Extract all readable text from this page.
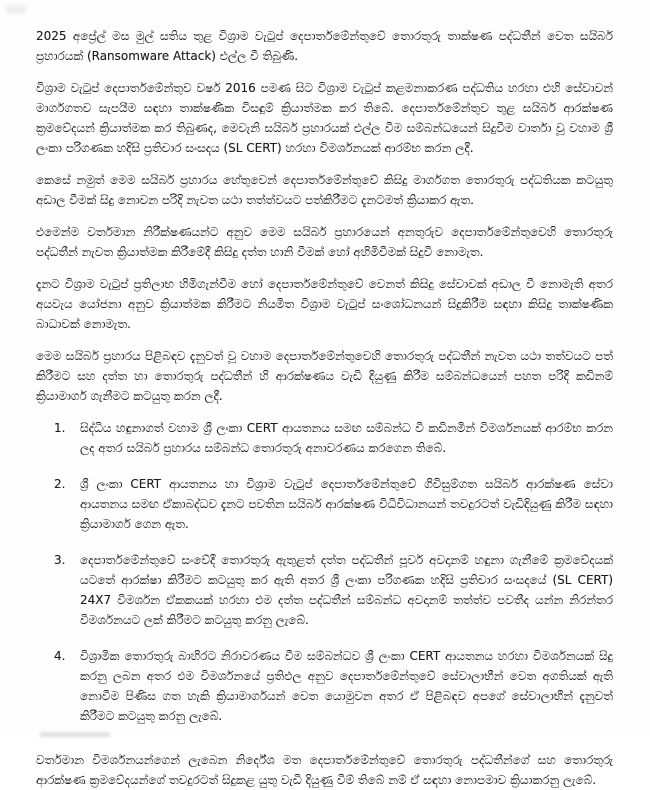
2025 අප්‍රේල් මස මුල් සතිය තුළ විශ්‍රාම වැටුප් දෙපාර්තමේන්තුවේ තොරතුරු තාක්ෂණ පද්ධතීන් වෙත සයිබර් ප්‍රහාරයක් (Ransomware Attack) එල්ල වී තිබුණි.

විශ්‍රාම වැටුප් දෙපාර්තමේන්තුව වර්ෂ 2016 පමණ සිට විශ්‍රාම වැටුප් කළමනාකරණ පද්ධතිය හරහා එහි සේවාවන් මාර්ගගතව සැපයීම සඳහා තාක්ෂණික විසඳුම් ක්‍රියාත්මක කර තිබේ. දෙපාර්තමේන්තුව තුළ සයිබර් ආරක්ෂණ ක්‍රමවේදයන් ක්‍රියාත්මක කර තිබුණද, මෙවැනි සයිබර් ප්‍රහාරයක් එල්ල වීම සම්බන්ධයෙන් සිදුවීම වාර්තා වූ වහාම ශ්‍රී ලංකා පරිගණක හදිසි ප්‍රතිචාර සංසදය (SL CERT) හරහා විමර්ශනයක් ආරම්භ කරන ලදී.

කෙසේ නමුත් මෙම සයිබර් ප්‍රහාරය හේතුවෙන් දෙපාර්තමේන්තුවේ කිසිදු මාර්ගගත තොරතුරු පද්ධතියක කටයුතු අඩාල වීමක් සිදු නොවන පරිදි නැවත යථා තත්ත්වයට පත්කිරීමට දැනටමත් ක්‍රියාකර ඇත.

එමෙන්ම වර්තමාන නිරීක්ෂණයන්ට අනුව මෙම සයිබර් ප්‍රහාරයෙන් අනතුරුව දෙපාර්තමේන්තුවෙහි තොරතුරු පද්ධතීන් නැවත ක්‍රියාත්මක කිරීමේදී කිසිදු දත්ත හානි වීමක් හෝ අහිමිවීමක් සිදුවී නොමැත.

දැනට විශ්‍රාම වැටුප් ප්‍රතිලාභ හිමිගැන්වීම හෝ දෙපාර්තමේන්තුවේ වෙනත් කිසිදු සේවාවක් අඩාල වී නොමැති අතර අයවැය යෝජනා අනුව ක්‍රියාත්මක කිරීමට නියමිත විශ්‍රාම වැටුප් සංශෝධනයන් සිදුකිරීම සඳහා කිසිදු තාක්ෂණික බාධාවක් නොමැත.

මෙම සයිබර් ප්‍රහාරය පිළිබඳව දැනුවත් වූ වහාම දෙපාර්තමේන්තුවෙහි තොරතුරු පද්ධතීන් නැවත යථා තත්වයට පත් කිරීමට සහ දත්ත හා තොරතුරු පද්ධතීන් හි ආරක්ෂණය වැඩි දියුණු කිරීම සම්බන්ධයෙන් පහත පරිදි කඩිනම් ක්‍රියාමාර්ග ගැනීමට කටයුතු කරන ලදී.

1.	සිද්ධිය හඳුනාගත් වහාම ශ්‍රී ලංකා CERT ආයතනය සමඟ සම්බන්ධ වී කඩිනමින් විමර්ශනයක් ආරම්භ කරන ලද අතර සයිබර් ප්‍රහාරය සම්බන්ධ තොරතුරු අනාවරණය කරගෙන තිබේ.
2.	ශ්‍රී ලංකා CERT ආයතනය හා විශ්‍රාම වැටුප් දෙපාර්තමේන්තුවේ ගිවිසුම්ගත සයිබර් ආරක්ෂණ සේවා ආයතනය සමඟ ඒකාබද්ධව දැනට පවතින සයිබර් ආරක්ෂණ විධිවිධානයන් තවදුරටත් වැඩිදියුණු කිරීම සඳහා ක්‍රියාමාර්ග ගෙන ඇත.
3.	දෙපාර්තමේන්තුවේ සංවේදී තොරතුරු ඇතුළත් දත්ත පද්ධතීන් පූර්ව අවදානම් හඳුනා ගැනීමේ ක්‍රමවේදයක් යටතේ ආරක්ෂා කිරීමට කටයුතු කර ඇති අතර ශ්‍රී ලංකා පරිගණක හදිසි ප්‍රතිචාර සංසදයේ (SL CERT) 24X7 විමර්ශන ඒකකයක් හරහා එම දත්ත පද්ධතීන් සම්බන්ධ අවදානම් තත්ත්ව පවතීද යන්න නිරන්තර විමර්ශනයට ලක් කිරීමට කටයුතු කරනු ලැබේ.
4.	විශ්‍රාමික තොරතුරු බාහිරට නිරාවරණය වීම සම්බන්ධව ශ්‍රී ලංකා CERT ආයතනය හරහා විමර්ශනයක් සිදු කරනු ලබන අතර එම විමර්ශනයේ ප්‍රතිඵල අනුව දෙපාර්තමේන්තුවේ සේවාලාභීන් වෙත අගතියක් ඇති නොවීම පිණිස ගත හැකි ක්‍රියාමාර්ගයන් වෙත යොමුවන අතර ඒ පිළිබඳව අපගේ සේවාලාභීන් දැනුවත් කිරීමට කටයුතු කරනු ලැබේ.

වර්තමාන විමර්ශනයන්ගෙන් ලැබෙන නිර්දේශ මත දෙපාර්තමේන්තුවේ තොරතුරු පද්ධතීන්ගේ සහ තොරතුරු ආරක්ෂණ ක්‍රමවේදයන්ගේ තවදුරටත් සිදුකළ යුතු වැඩි දියුණු වීම් තිබේ නම් ඒ සඳහා නොපමාව ක්‍රියාකරනු ලැබේ.
